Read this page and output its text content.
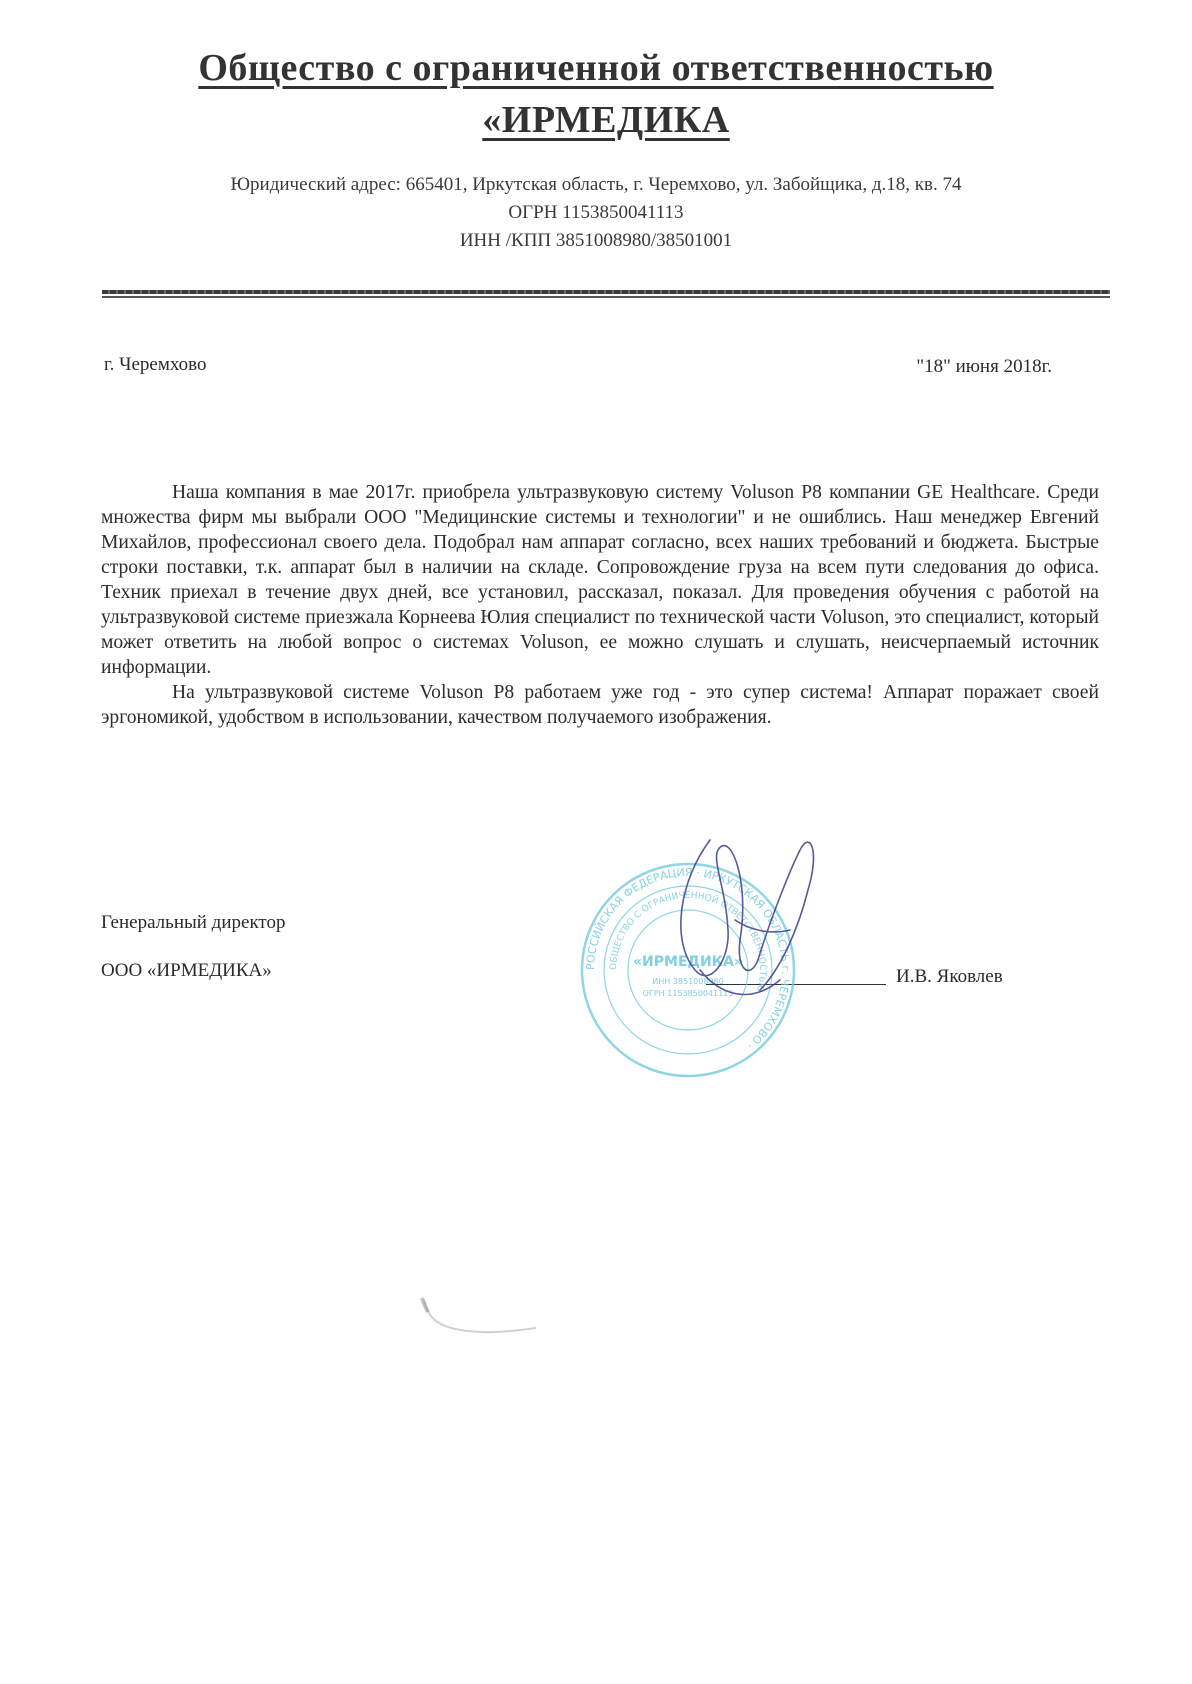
Общество с ограниченной ответственностью
«ИРМЕДИКА
Юридический адрес: 665401, Иркутская область, г. Черемхово, ул. Забойщика, д.18, кв. 74
ОГРН 1153850041113
ИНН /КПП 3851008980/38501001
г. Черемхово	"18" июня 2018г.

Наша компания в мае 2017г. приобрела ультразвуковую систему Voluson P8 компании GE Healthcare. Среди множества фирм мы выбрали ООО "Медицинские системы и технологии" и не ошиблись. Наш менеджер Евгений Михайлов, профессионал своего дела. Подобрал нам аппарат согласно, всех наших требований и бюджета. Быстрые строки поставки, т.к. аппарат был в наличии на складе. Сопровождение груза на всем пути следования до офиса. Техник приехал в течение двух дней, все установил, рассказал, показал. Для проведения обучения с работой на ультразвуковой системе приезжала Корнеева Юлия специалист по технической части Voluson, это специалист, который может ответить на любой вопрос о системах Voluson, ее можно слушать и слушать, неисчерпаемый источник информации.

На ультразвуковой системе Voluson P8 работаем уже год - это супер система! Аппарат поражает своей эргономикой, удобством в использовании, качеством получаемого изображения.

Генеральный директор
ООО «ИРМЕДИКА»	И.В. Яковлев
РОССИЙСКАЯ ФЕДЕРАЦИЯ · ИРКУТСКАЯ ОБЛАСТЬ г. ЧЕРЕМХОВО ·
ОБЩЕСТВО С ОГРАНИЧЕННОЙ ОТВЕТСТВЕННОСТЬЮ
«ИРМЕДИКА»
ИНН 3851008980
ОГРН 1153850041113
